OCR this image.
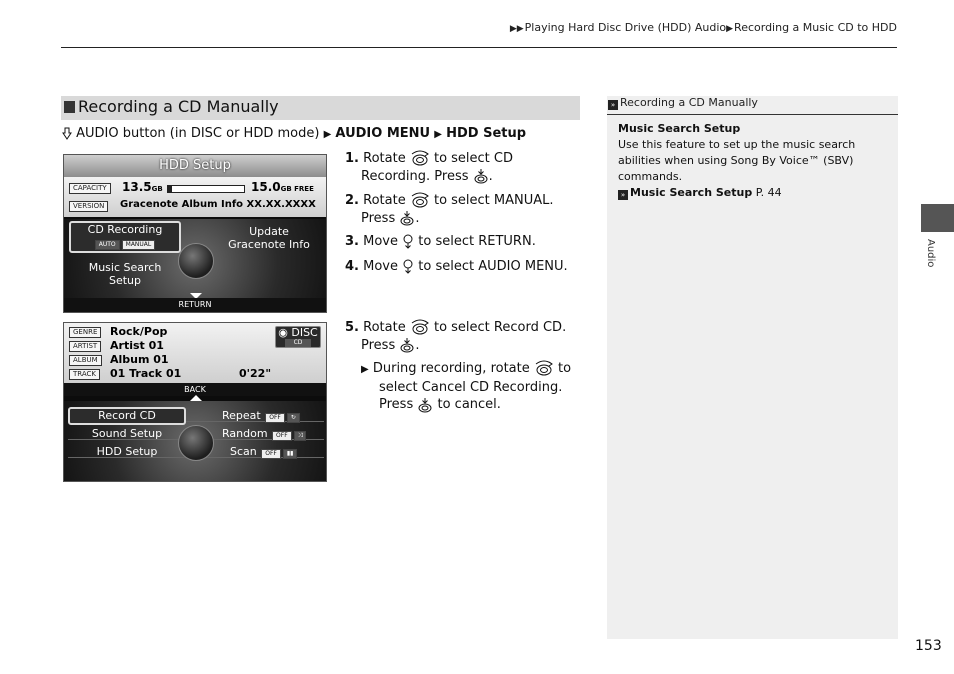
▶▶Playing Hard Disc Drive (HDD) Audio▶Recording a Music CD to HDD
Recording a CD Manually
AUDIO button (in DISC or HDD mode) ▶ AUDIO MENU ▶ HDD Setup
HDD Setup
CAPACITY	13.5GB	15.0GB FREE
VERSION	Gracenote Album Info XX.XX.XXXX
CD Recording
AUTO MANUAL
Update
Gracenote Info
Music Search
Setup
RETURN
GENRE	Rock/Pop
ARTIST	Artist 01
ALBUM	Album 01
TRACK	01 Track 01	0'22"
◉ DISC
CD
BACK
Record CD
Sound Setup
HDD Setup
Repeat OFF ↻
Random OFF ⤨
Scan OFF ▮▮
1. Rotate to select CD

Recording. Press .
2. Rotate to select MANUAL.

Press .
3. Move to select RETURN.
4. Move to select AUDIO MENU.
5. Rotate to select Record CD.

Press .
▶ During recording, rotate to
select Cancel CD Recording.
Press to cancel.
» Recording a CD Manually
Music Search Setup
Use this feature to set up the music search
abilities when using Song By Voice™ (SBV)
commands.
» Music Search Setup P. 44
Audio
153
